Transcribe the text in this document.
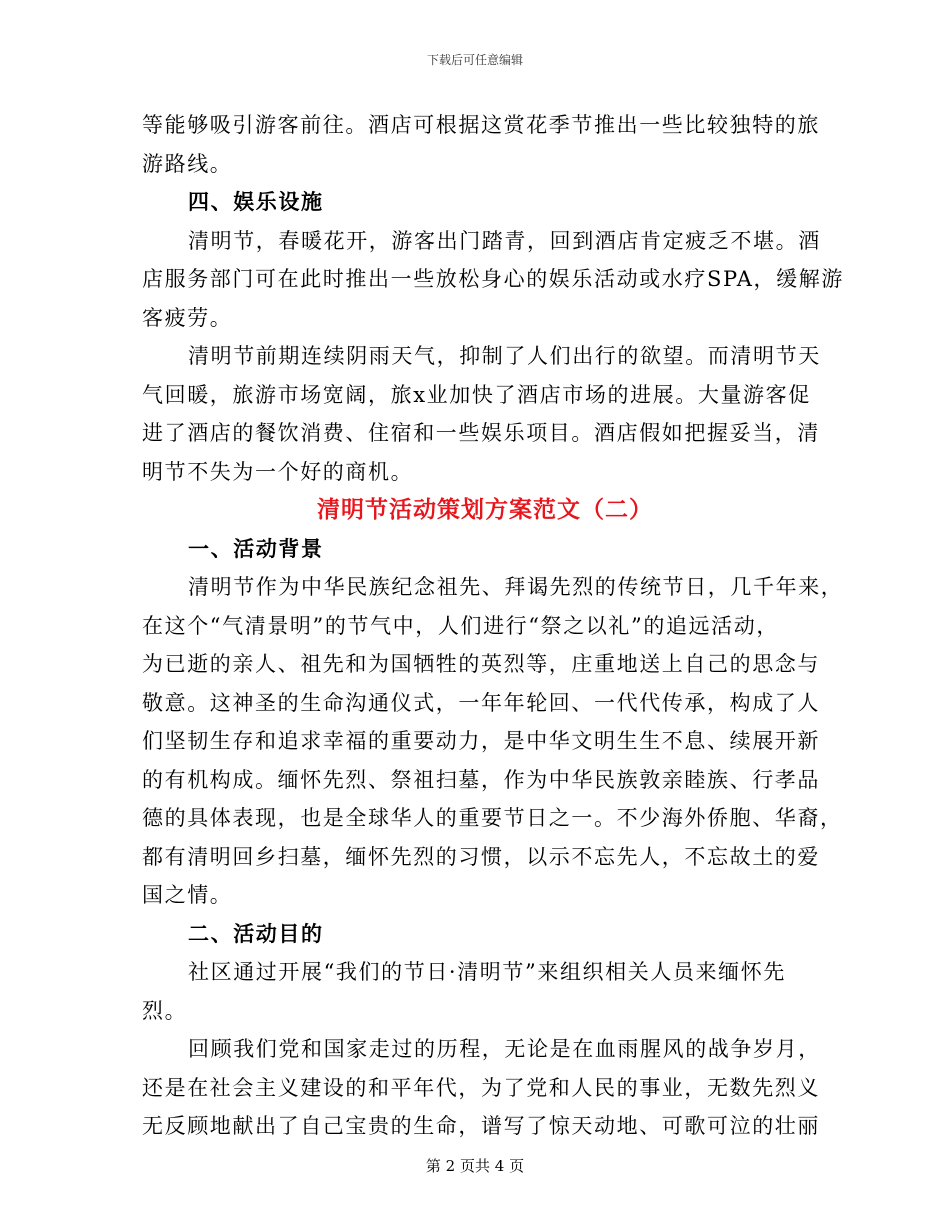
下载后可任意编辑
等能够吸引游客前往。酒店可根据这赏花季节推出一些比较独特的旅
游路线。
四、娱乐设施
清明节，春暖花开，游客出门踏青，回到酒店肯定疲乏不堪。酒
店服务部门可在此时推出一些放松身心的娱乐活动或水疗SPA，缓解游
客疲劳。
清明节前期连续阴雨天气，抑制了人们出行的欲望。而清明节天
气回暖，旅游市场宽阔，旅x业加快了酒店市场的进展。大量游客促
进了酒店的餐饮消费、住宿和一些娱乐项目。酒店假如把握妥当，清
明节不失为一个好的商机。
清明节活动策划方案范文（二）
一、活动背景
清明节作为中华民族纪念祖先、拜谒先烈的传统节日，几千年来，
在这个“气清景明”的节气中，人们进行“祭之以礼”的追远活动，
为已逝的亲人、祖先和为国牺牲的英烈等，庄重地送上自己的思念与
敬意。这神圣的生命沟通仪式，一年年轮回、一代代传承，构成了人
们坚韧生存和追求幸福的重要动力，是中华文明生生不息、续展开新
的有机构成。缅怀先烈、祭祖扫墓，作为中华民族敦亲睦族、行孝品
德的具体表现，也是全球华人的重要节日之一。不少海外侨胞、华裔，
都有清明回乡扫墓，缅怀先烈的习惯，以示不忘先人，不忘故土的爱
国之情。
二、活动目的
社区通过开展“我们的节日·清明节”来组织相关人员来缅怀先
烈。
回顾我们党和国家走过的历程，无论是在血雨腥风的战争岁月，
还是在社会主义建设的和平年代，为了党和人民的事业，无数先烈义
无反顾地献出了自己宝贵的生命，谱写了惊天动地、可歌可泣的壮丽
第 2 页共 4 页
